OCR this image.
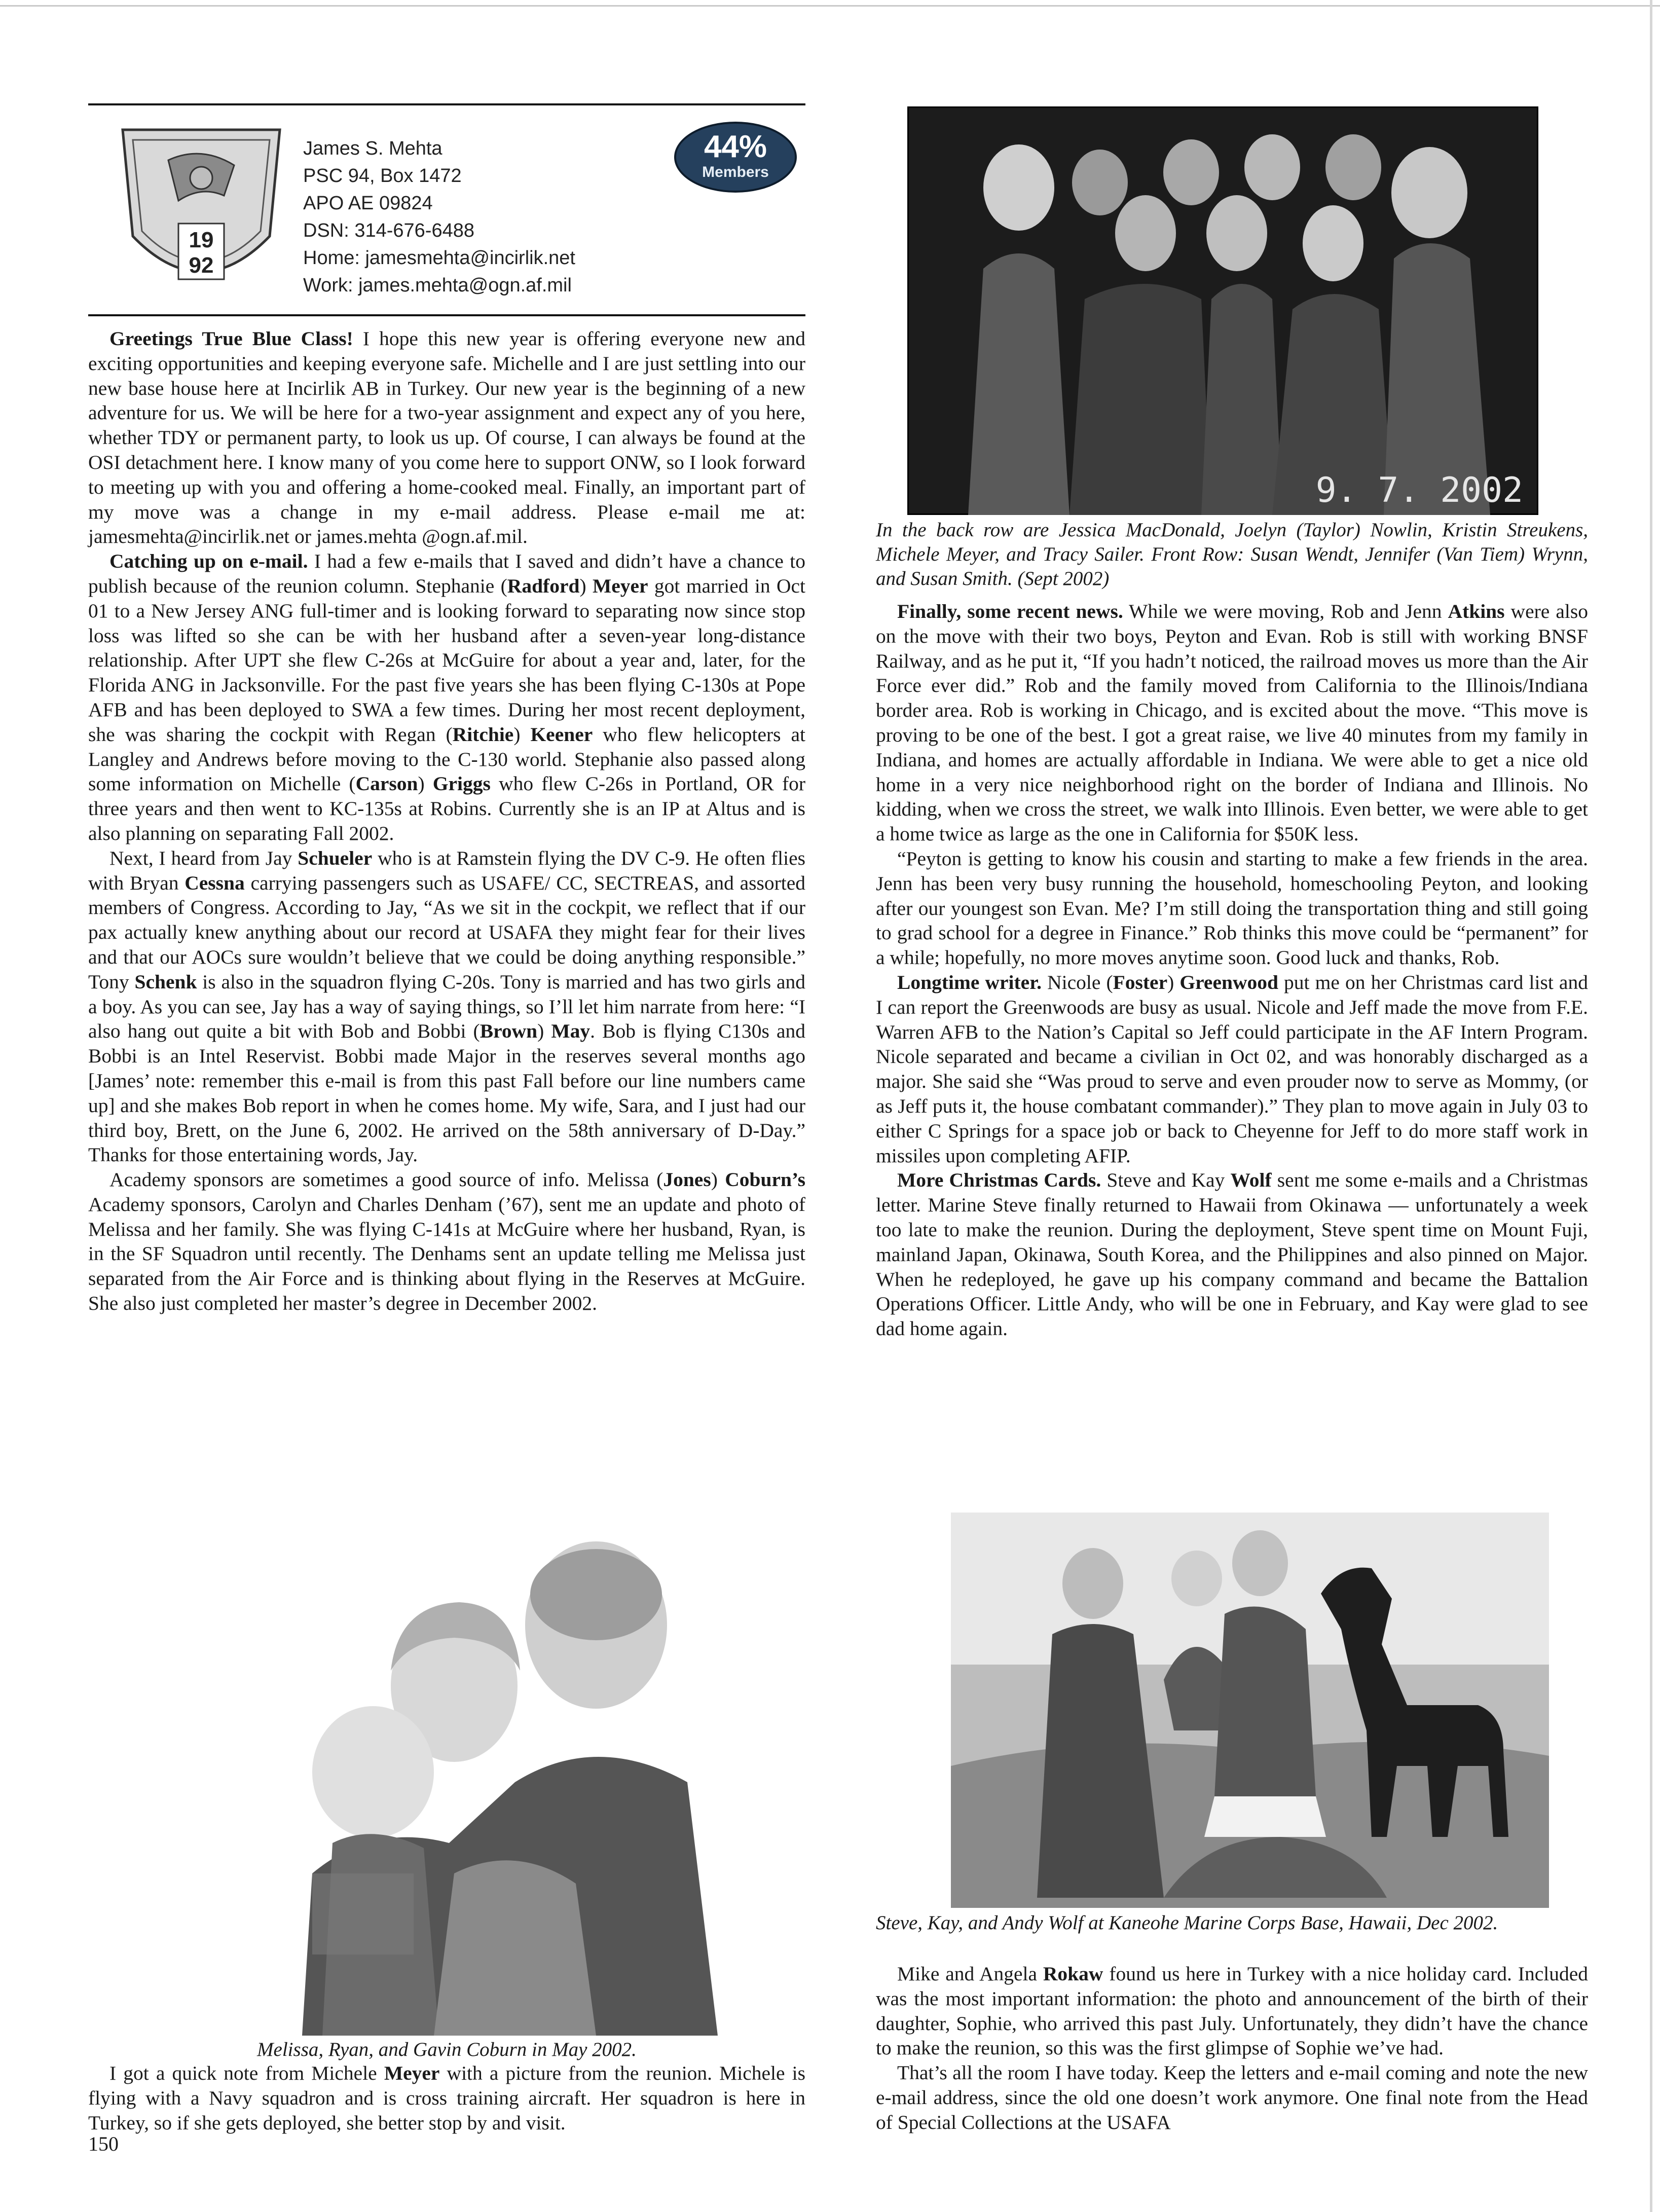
19
92
James S. Mehta
PSC 94, Box 1472
APO AE 09824
DSN: 314-676-6488
Home: jamesmehta@incirlik.net
Work: james.mehta@ogn.af.mil
44%
Members

Greetings True Blue Class! I hope this new year is offering everyone new and exciting opportunities and keeping everyone safe. Michelle and I are just settling into our new base house here at Incirlik AB in Turkey. Our new year is the beginning of a new adventure for us. We will be here for a two-year assignment and expect any of you here, whether TDY or permanent party, to look us up. Of course, I can always be found at the OSI detachment here. I know many of you come here to support ONW, so I look forward to meeting up with you and offering a home-cooked meal. Finally, an important part of my move was a change in my e-mail address. Please e-mail me at: jamesmehta@incirlik.net or james.mehta @ogn.af.mil.

Catching up on e-mail. I had a few e-mails that I saved and didn’t have a chance to publish because of the reunion column. Stephanie (Radford) Meyer got married in Oct 01 to a New Jersey ANG full-timer and is looking forward to separating now since stop loss was lifted so she can be with her husband after a seven-year long-distance relationship. After UPT she flew C-26s at McGuire for about a year and, later, for the Florida ANG in Jacksonville. For the past five years she has been flying C-130s at Pope AFB and has been deployed to SWA a few times. During her most recent deployment, she was sharing the cockpit with Regan (Ritchie) Keener who flew helicopters at Langley and Andrews before moving to the C-130 world. Stephanie also passed along some information on Michelle (Carson) Griggs who flew C-26s in Portland, OR for three years and then went to KC-135s at Robins. Currently she is an IP at Altus and is also planning on separating Fall 2002.

Next, I heard from Jay Schueler who is at Ramstein flying the DV C-9. He often flies with Bryan Cessna carrying passengers such as USAFE/ CC, SECTREAS, and assorted members of Congress. According to Jay, “As we sit in the cockpit, we reflect that if our pax actually knew anything about our record at USAFA they might fear for their lives and that our AOCs sure wouldn’t believe that we could be doing anything responsible.” Tony Schenk is also in the squadron flying C-20s. Tony is married and has two girls and a boy. As you can see, Jay has a way of saying things, so I’ll let him narrate from here: “I also hang out quite a bit with Bob and Bobbi (Brown) May. Bob is flying C130s and Bobbi is an Intel Reservist. Bobbi made Major in the reserves several months ago [James’ note: remember this e-mail is from this past Fall before our line numbers came up] and she makes Bob report in when he comes home. My wife, Sara, and I just had our third boy, Brett, on the June 6, 2002. He arrived on the 58th anniversary of D-Day.” Thanks for those entertaining words, Jay.

Academy sponsors are sometimes a good source of info. Melissa (Jones) Coburn’s Academy sponsors, Carolyn and Charles Denham (’67), sent me an update and photo of Melissa and her family. She was flying C-141s at McGuire where her husband, Ryan, is in the SF Squadron until recently. The Denhams sent an update telling me Melissa just separated from the Air Force and is thinking about flying in the Reserves at McGuire. She also just completed her master’s degree in December 2002.

Melissa, Ryan, and Gavin Coburn in May 2002.

I got a quick note from Michele Meyer with a picture from the reunion. Michele is flying with a Navy squadron and is cross training aircraft. Her squadron is here in Turkey, so if she gets deployed, she better stop by and visit.

9. 7. 2002
In the back row are Jessica MacDonald, Joelyn (Taylor) Nowlin, Kristin Streukens, Michele Meyer, and Tracy Sailer. Front Row: Susan Wendt, Jennifer (Van Tiem) Wrynn, and Susan Smith. (Sept 2002)

Finally, some recent news. While we were moving, Rob and Jenn Atkins were also on the move with their two boys, Peyton and Evan. Rob is still with working BNSF Railway, and as he put it, “If you hadn’t noticed, the railroad moves us more than the Air Force ever did.” Rob and the family moved from California to the Illinois/Indiana border area. Rob is working in Chicago, and is excited about the move. “This move is proving to be one of the best. I got a great raise, we live 40 minutes from my family in Indiana, and homes are actually affordable in Indiana. We were able to get a nice old home in a very nice neighborhood right on the border of Indiana and Illinois. No kidding, when we cross the street, we walk into Illinois. Even better, we were able to get a home twice as large as the one in California for $50K less.

“Peyton is getting to know his cousin and starting to make a few friends in the area. Jenn has been very busy running the household, homeschooling Peyton, and looking after our youngest son Evan. Me? I’m still doing the transportation thing and still going to grad school for a degree in Finance.” Rob thinks this move could be “permanent” for a while; hopefully, no more moves anytime soon. Good luck and thanks, Rob.

Longtime writer. Nicole (Foster) Greenwood put me on her Christmas card list and I can report the Greenwoods are busy as usual. Nicole and Jeff made the move from F.E. Warren AFB to the Nation’s Capital so Jeff could participate in the AF Intern Program. Nicole separated and became a civilian in Oct 02, and was honorably discharged as a major. She said she “Was proud to serve and even prouder now to serve as Mommy, (or as Jeff puts it, the house combatant commander).” They plan to move again in July 03 to either C Springs for a space job or back to Cheyenne for Jeff to do more staff work in missiles upon completing AFIP.

More Christmas Cards. Steve and Kay Wolf sent me some e-mails and a Christmas letter. Marine Steve finally returned to Hawaii from Okinawa — unfortunately a week too late to make the reunion. During the deployment, Steve spent time on Mount Fuji, mainland Japan, Okinawa, South Korea, and the Philippines and also pinned on Major. When he redeployed, he gave up his company command and became the Battalion Operations Officer. Little Andy, who will be one in February, and Kay were glad to see dad home again.

Steve, Kay, and Andy Wolf at Kaneohe Marine Corps Base, Hawaii, Dec 2002.

Mike and Angela Rokaw found us here in Turkey with a nice holiday card. Included was the most important information: the photo and announcement of the birth of their daughter, Sophie, who arrived this past July. Unfortunately, they didn’t have the chance to make the reunion, so this was the first glimpse of Sophie we’ve had.

That’s all the room I have today. Keep the letters and e-mail coming and note the new e-mail address, since the old one doesn’t work anymore. One final note from the Head of Special Collections at the USAFA

150
